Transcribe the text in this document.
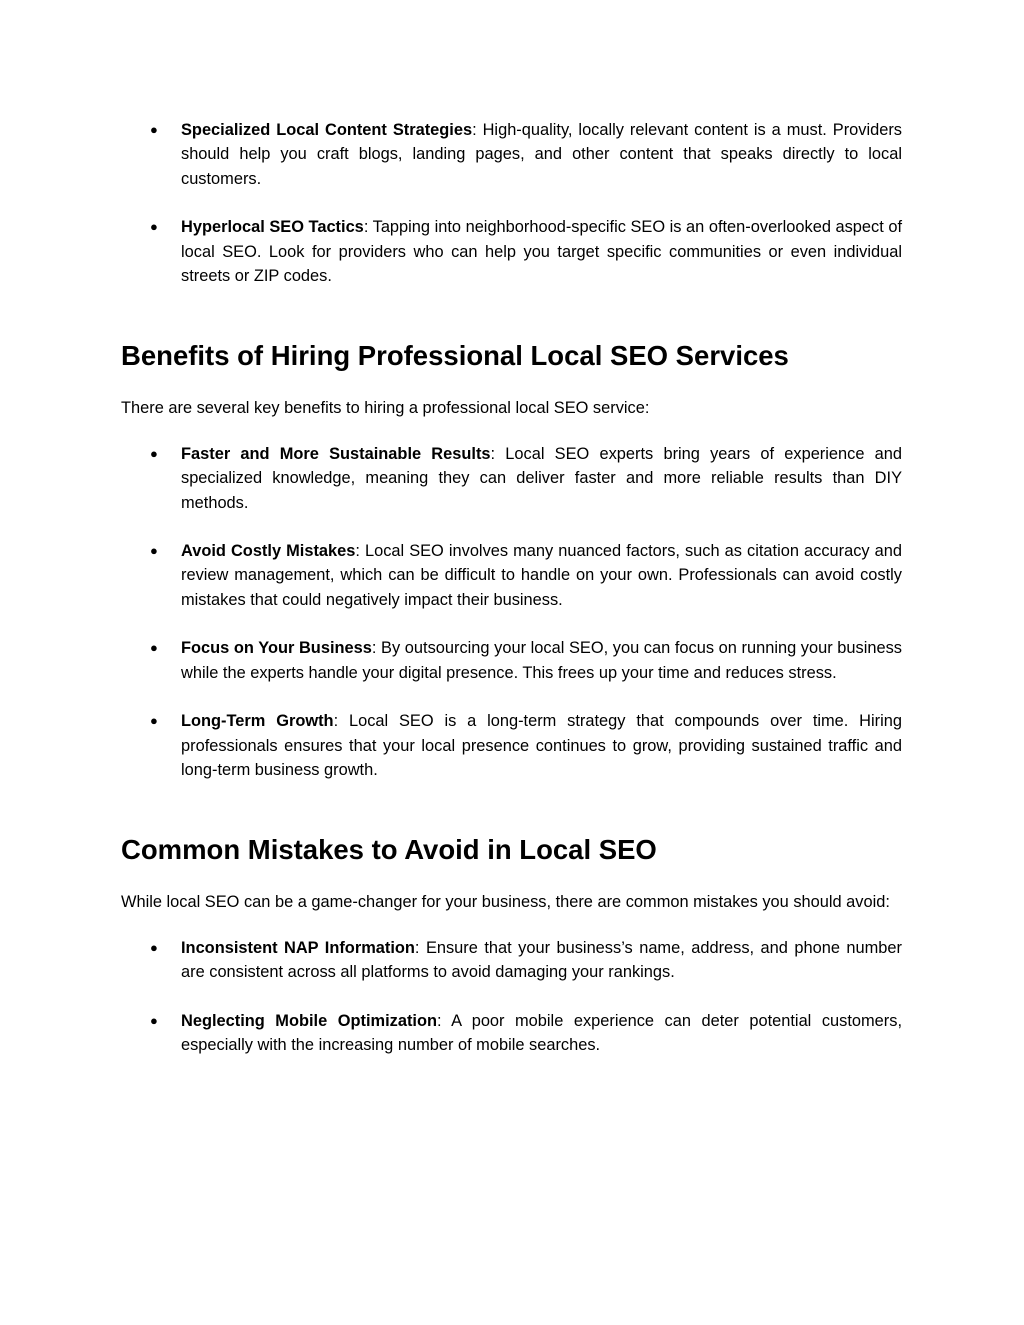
● Specialized Local Content Strategies: High-quality, locally relevant content is a must. Providers should help you craft blogs, landing pages, and other content that speaks directly to local customers.
● Hyperlocal SEO Tactics: Tapping into neighborhood-specific SEO is an often-overlooked aspect of local SEO. Look for providers who can help you target specific communities or even individual streets or ZIP codes.
Benefits of Hiring Professional Local SEO Services

There are several key benefits to hiring a professional local SEO service:

● Faster and More Sustainable Results: Local SEO experts bring years of experience and specialized knowledge, meaning they can deliver faster and more reliable results than DIY methods.
● Avoid Costly Mistakes: Local SEO involves many nuanced factors, such as citation accuracy and review management, which can be difficult to handle on your own. Professionals can avoid costly mistakes that could negatively impact their business.
● Focus on Your Business: By outsourcing your local SEO, you can focus on running your business while the experts handle your digital presence. This frees up your time and reduces stress.
● Long-Term Growth: Local SEO is a long-term strategy that compounds over time. Hiring professionals ensures that your local presence continues to grow, providing sustained traffic and long-term business growth.
Common Mistakes to Avoid in Local SEO

While local SEO can be a game-changer for your business, there are common mistakes you should avoid:

● Inconsistent NAP Information: Ensure that your business’s name, address, and phone number are consistent across all platforms to avoid damaging your rankings.
● Neglecting Mobile Optimization: A poor mobile experience can deter potential customers, especially with the increasing number of mobile searches.
